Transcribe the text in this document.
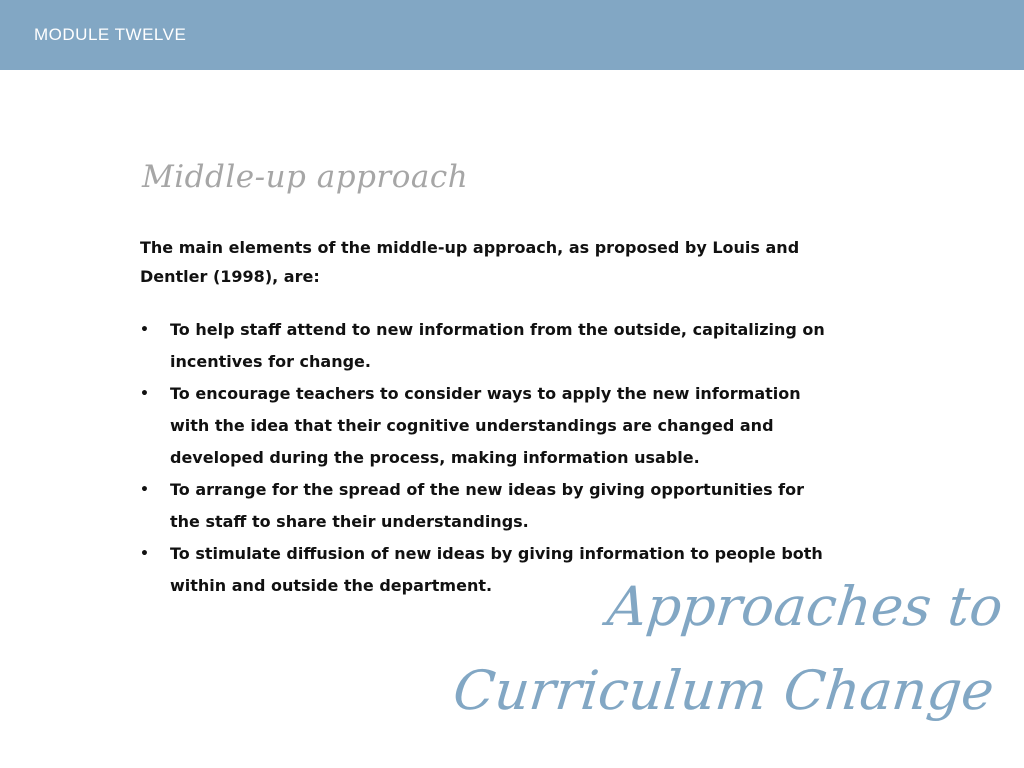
MODULE TWELVE
Middle-up approach

The main elements of the middle-up approach, as proposed by Louis and Dentler (1998), are:

• To help staff attend to new information from the outside, capitalizing on incentives for change.
• To encourage teachers to consider ways to apply the new information with the idea that their cognitive understandings are changed and developed during the process, making information usable.
• To arrange for the spread of the new ideas by giving opportunities for the staff to share their understandings.
• To stimulate diffusion of new ideas by giving information to people both within and outside the department.	Approaches to
Curriculum Change
